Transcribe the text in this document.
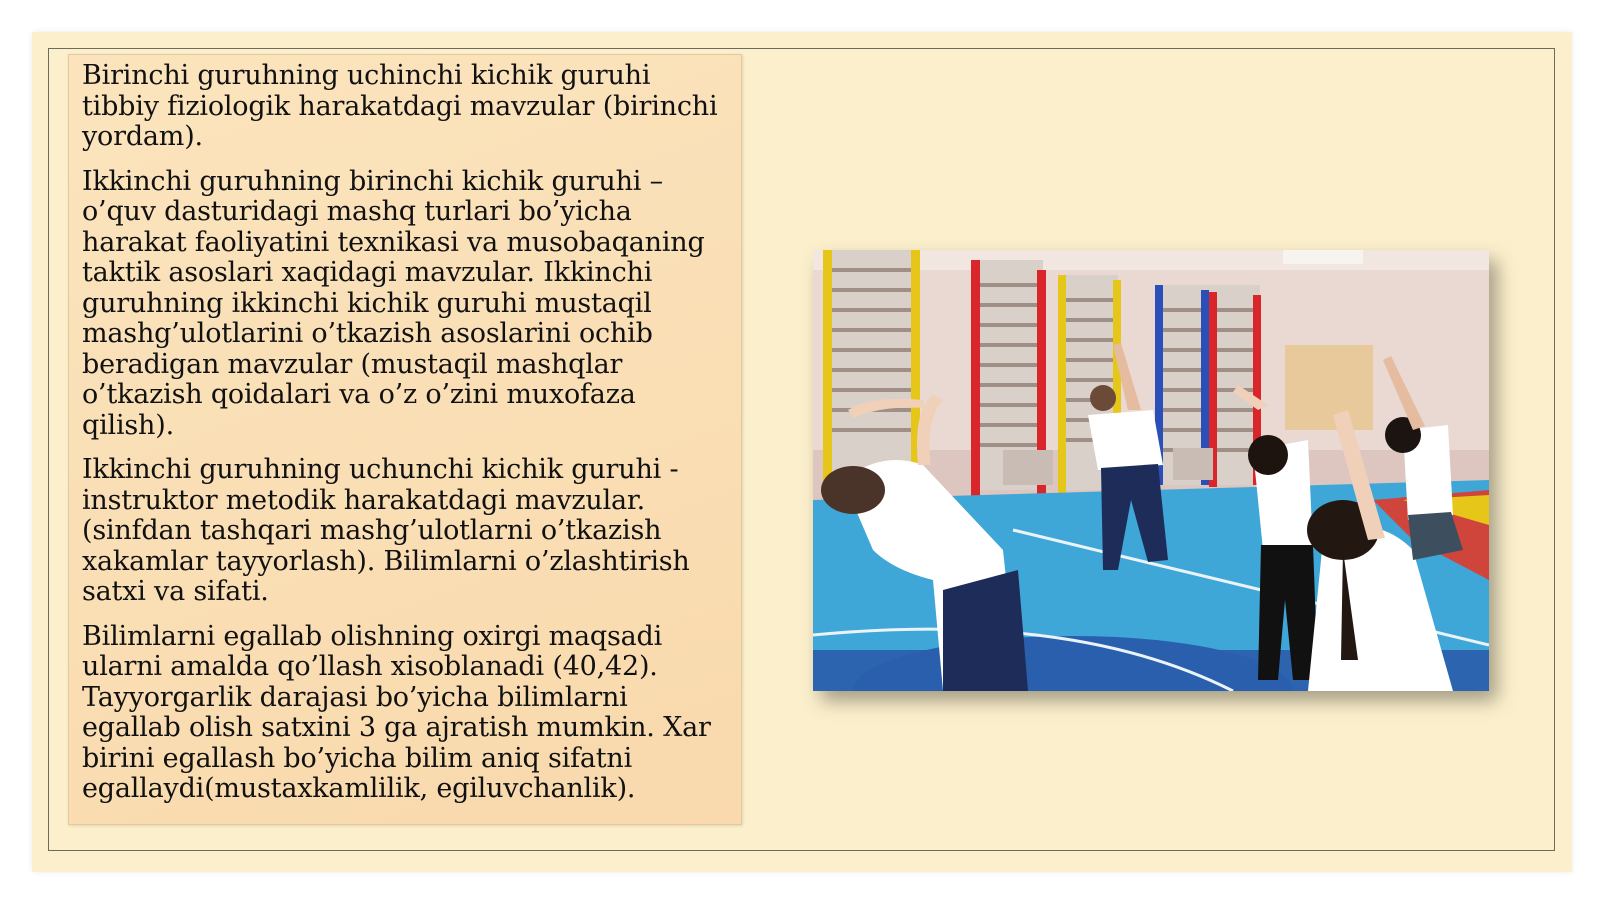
Birinchi guruhning uchinchi kichik guruhi
tibbiy fiziologik harakatdagi mavzular (birinchi
yordam).

Ikkinchi guruhning birinchi kichik guruhi –
o’quv dasturidagi mashq turlari bo’yicha
harakat faoliyatini texnikasi va musobaqaning
taktik asoslari xaqidagi mavzular. Ikkinchi
guruhning ikkinchi kichik guruhi mustaqil
mashg’ulotlarini o’tkazish asoslarini ochib
beradigan mavzular (mustaqil mashqlar
o’tkazish qoidalari va o’z o’zini muxofaza
qilish).

Ikkinchi guruhning uchunchi kichik guruhi -
instruktor metodik harakatdagi mavzular.
(sinfdan tashqari mashg’ulotlarni o’tkazish
xakamlar tayyorlash). Bilimlarni o’zlashtirish
satxi va sifati.

Bilimlarni egallab olishning oxirgi maqsadi
ularni amalda qo’llash xisoblanadi (40,42).
Tayyorgarlik darajasi bo’yicha bilimlarni
egallab olish satxini 3 ga ajratish mumkin. Xar
birini egallash bo’yicha bilim aniq sifatni
egallaydi(mustaxkamlilik, egiluvchanlik).
